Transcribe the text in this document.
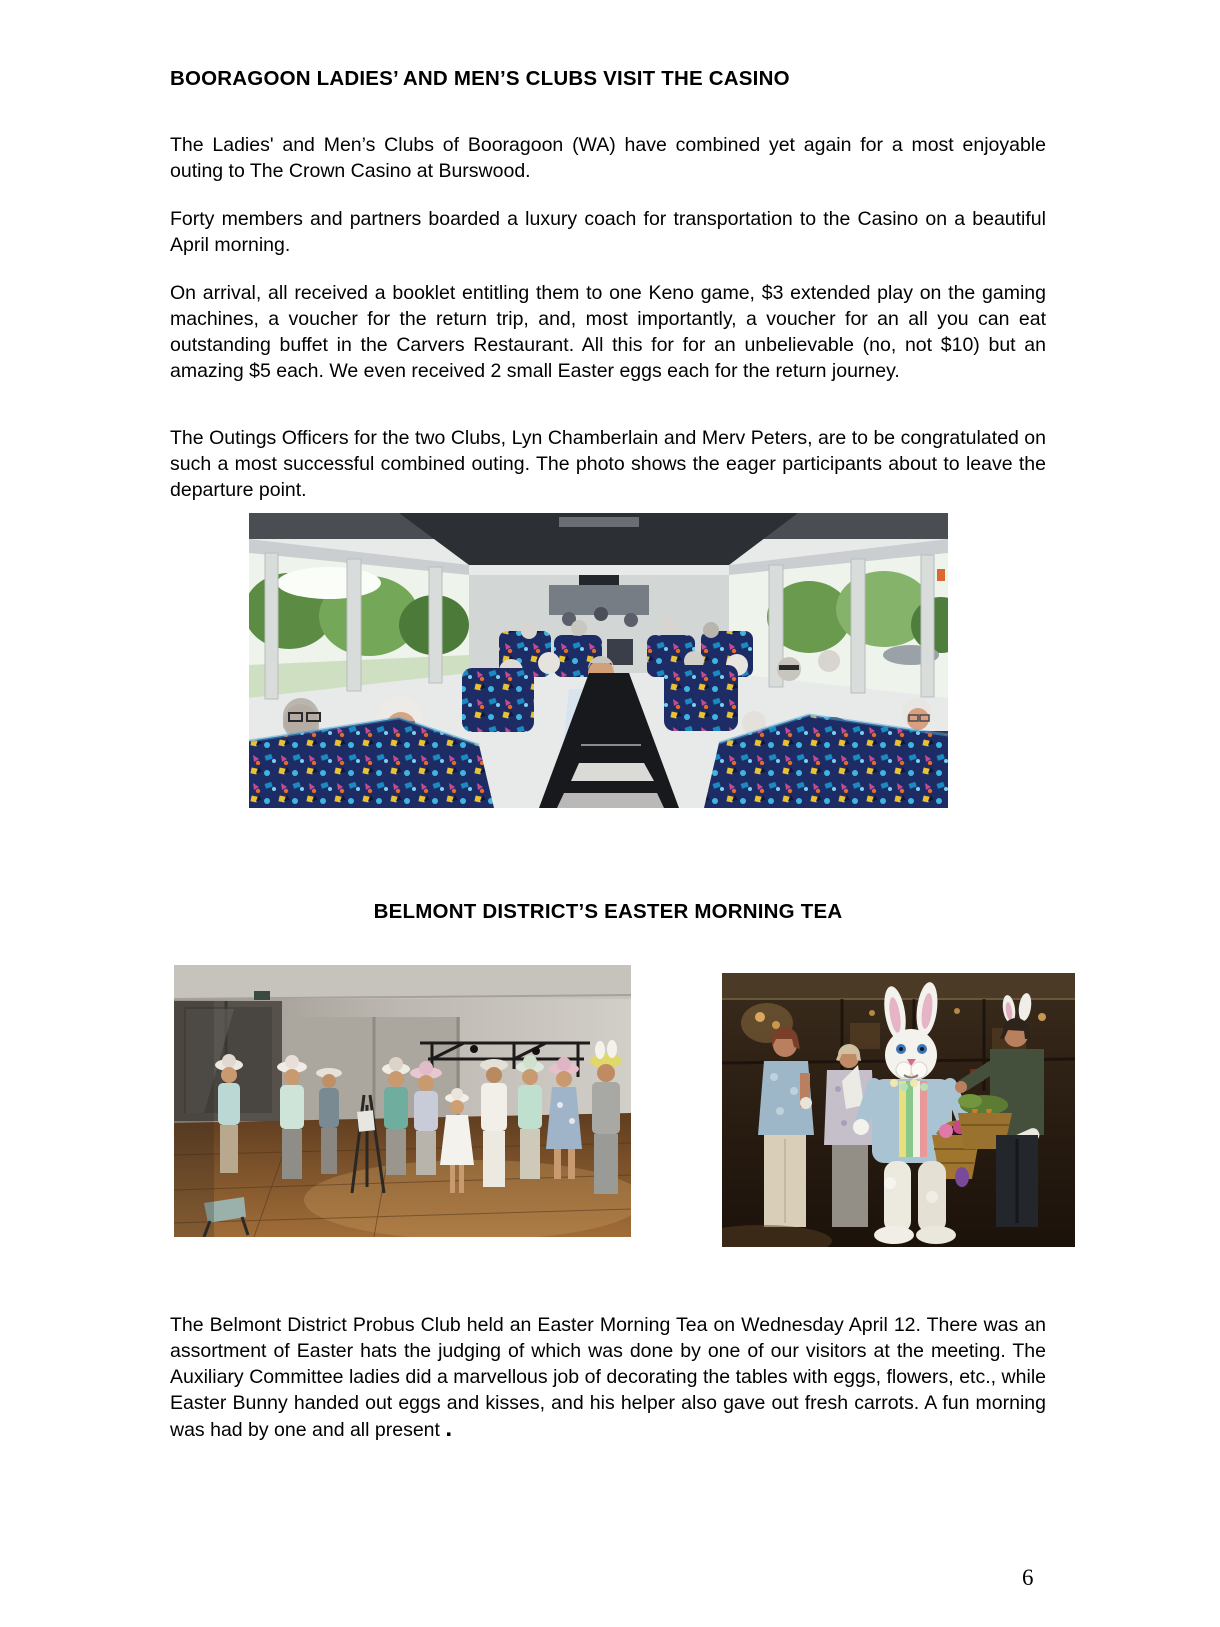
BOORAGOON LADIES’ AND MEN’S CLUBS VISIT THE CASINO

The Ladies' and Men’s Clubs of Booragoon (WA) have combined yet again for a most enjoyable outing to The Crown Casino at Burswood.

Forty members and partners boarded a luxury coach for transportation to the Casino on a beautiful April morning.

On arrival, all received a booklet entitling them to one Keno game, $3 extended play on the gaming machines, a voucher for the return trip, and, most importantly, a voucher for an all you can eat outstanding buffet in the Carvers Restaurant. All this for for an unbelievable (no, not $10) but an amazing $5 each. We even received 2 small Easter eggs each for the return journey.

The Outings Officers for the two Clubs, Lyn Chamberlain and Merv Peters, are to be congratulated on such a most successful combined outing. The photo shows the eager participants about to leave the departure point.

BELMONT DISTRICT’S EASTER MORNING TEA

The Belmont District Probus Club held an Easter Morning Tea on Wednesday April 12. There was an assortment of Easter hats the judging of which was done by one of our visitors at the meeting. The Auxiliary Committee ladies did a marvellous job of decorating the tables with eggs, flowers, etc., while Easter Bunny handed out eggs and kisses, and his helper also gave out fresh carrots. A fun morning was had by one and all present .

6
